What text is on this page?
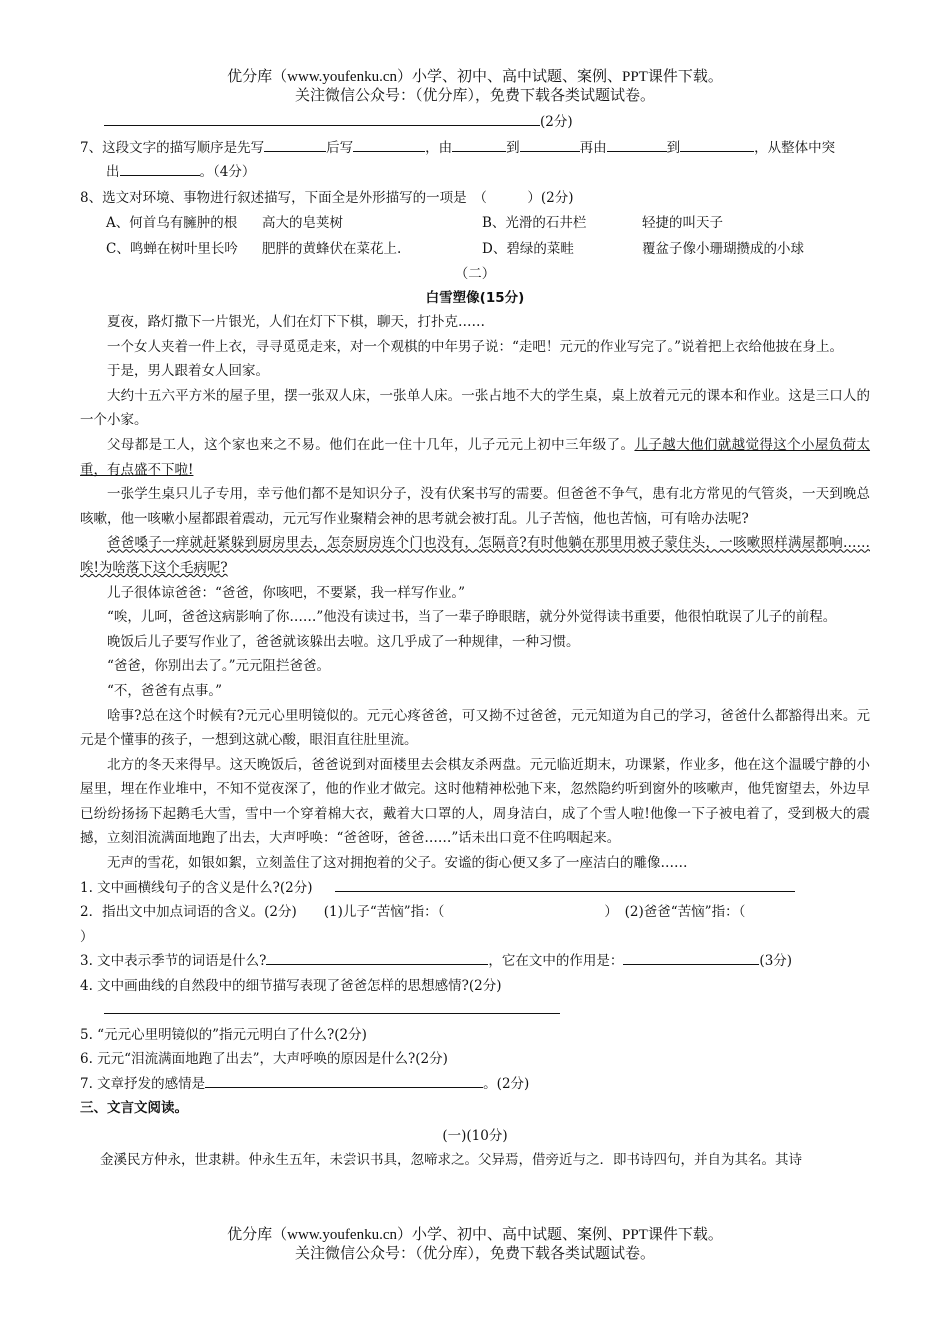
优分库（www.youfenku.cn）小学、初中、高中试题、案例、PPT课件下载。
关注微信公众号：（优分库），免费下载各类试题试卷。
(2分)
7、这段文字的描写顺序是先写	后写	，由	到	再由	到	，从整体中突
出	。（4分）
8、选文对环境、事物进行叙述描写，下面全是外形描写的一项是　（　　　）(2分)
A、何首乌有臃肿的根	高大的皂荚树	B、光滑的石井栏	轻捷的叫天子
C、鸣蝉在树叶里长吟	肥胖的黄蜂伏在菜花上.	D、碧绿的菜畦	覆盆子像小珊瑚攒成的小球
（二）
白雪塑像(15分)

夏夜，路灯撒下一片银光，人们在灯下下棋，聊天，打扑克……

一个女人夹着一件上衣，寻寻觅觅走来，对一个观棋的中年男子说：“走吧！元元的作业写完了。”说着把上衣给他披在身上。

于是，男人跟着女人回家。

大约十五六平方米的屋子里，摆一张双人床，一张单人床。一张占地不大的学生桌，桌上放着元元的课本和作业。这是三口人的一个小家。

父母都是工人，这个家也来之不易。他们在此一住十几年，儿子元元上初中三年级了。儿子越大他们就越觉得这个小屋负荷太重，有点盛不下啦!

一张学生桌只儿子专用，幸亏他们都不是知识分子，没有伏案书写的需要。但爸爸不争气，患有北方常见的气管炎，一天到晚总咳嗽，他一咳嗽小屋都跟着震动，元元写作业聚精会神的思考就会被打乱。儿子苦恼，他也苦恼，可有啥办法呢?

爸爸嗓子一痒就赶紧躲到厨房里去，怎奈厨房连个门也没有，怎隔音?有时他躺在那里用被子蒙住头，一咳嗽照样满屋都响……唉!为啥落下这个毛病呢?

儿子很体谅爸爸：“爸爸，你咳吧，不要紧，我一样写作业。”

“唉，儿呵，爸爸这病影响了你……”他没有读过书，当了一辈子睁眼瞎，就分外觉得读书重要，他很怕耽误了儿子的前程。

晚饭后儿子要写作业了，爸爸就该躲出去啦。这几乎成了一种规律，一种习惯。

“爸爸，你别出去了。”元元阻拦爸爸。

“不，爸爸有点事。”

啥事?总在这个时候有?元元心里明镜似的。元元心疼爸爸，可又拗不过爸爸，元元知道为自己的学习，爸爸什么都豁得出来。元元是个懂事的孩子，一想到这就心酸，眼泪直往肚里流。

北方的冬天来得早。这天晚饭后，爸爸说到对面楼里去会棋友杀两盘。元元临近期末，功课紧，作业多，他在这个温暖宁静的小屋里，埋在作业堆中，不知不觉夜深了，他的作业才做完。这时他精神松弛下来，忽然隐约听到窗外的咳嗽声，他凭窗望去，外边早已纷纷扬扬下起鹅毛大雪，雪中一个穿着棉大衣，戴着大口罩的人，周身洁白，成了个雪人啦!他像一下子被电着了，受到极大的震撼，立刻泪流满面地跑了出去，大声呼唤：“爸爸呀，爸爸……”话未出口竟不住呜咽起来。

无声的雪花，如银如絮，立刻盖住了这对拥抱着的父子。安谧的街心便又多了一座洁白的雕像……

1. 文中画横线句子的含义是什么?(2分)
2．指出文中加点词语的含义。(2分)　　(1)儿子“苦恼”指：（	）　(2)爸爸“苦恼”指：（
）
3. 文中表示季节的词语是什么?	，它在文中的作用是：	(3分)
4. 文中画曲线的自然段中的细节描写表现了爸爸怎样的思想感情?(2分)
5. “元元心里明镜似的”指元元明白了什么?(2分)
6. 元元“泪流满面地跑了出去”，大声呼唤的原因是什么?(2分)
7. 文章抒发的感情是	。(2分)
三、文言文阅读。
(一)(10分)
金溪民方仲永，世隶耕。仲永生五年，未尝识书具，忽啼求之。父异焉，借旁近与之．即书诗四句，并自为其名。其诗
优分库（www.youfenku.cn）小学、初中、高中试题、案例、PPT课件下载。
关注微信公众号：（优分库），免费下载各类试题试卷。
